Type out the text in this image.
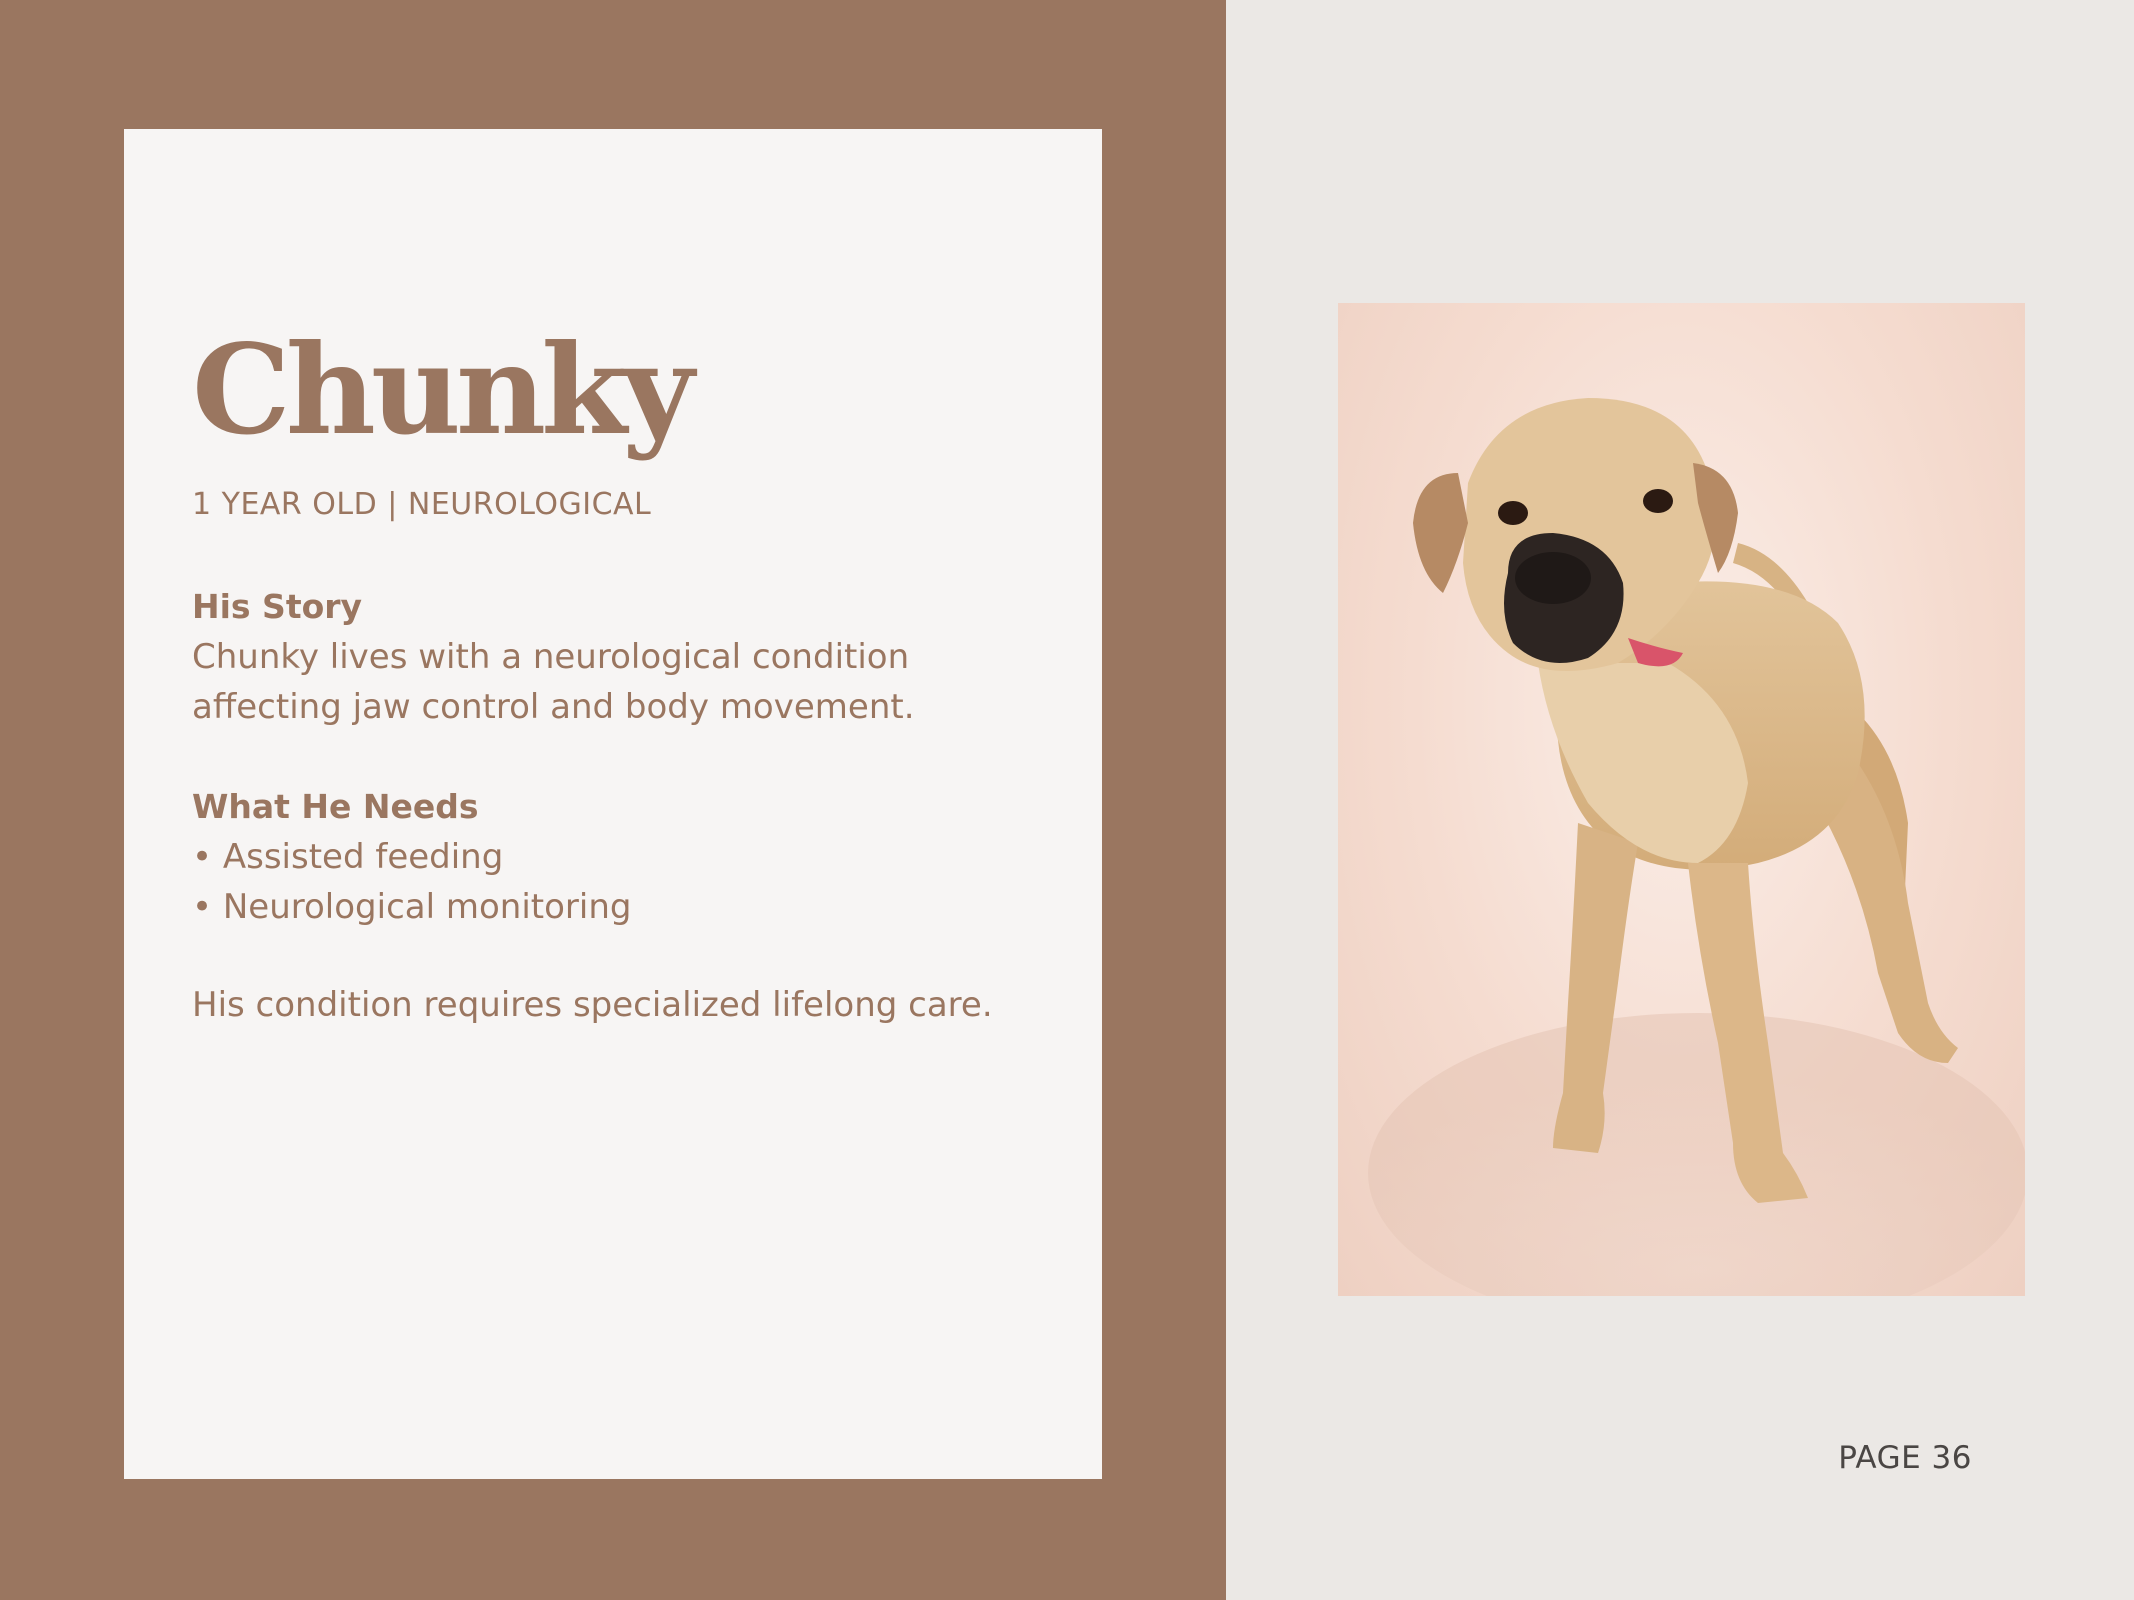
Chunky
1 YEAR OLD | NEUROLOGICAL
His Story
Chunky lives with a neurological condition
affecting jaw control and body movement.
What He Needs
• Assisted feeding
• Neurological monitoring
His condition requires specialized lifelong care.
PAGE 36
